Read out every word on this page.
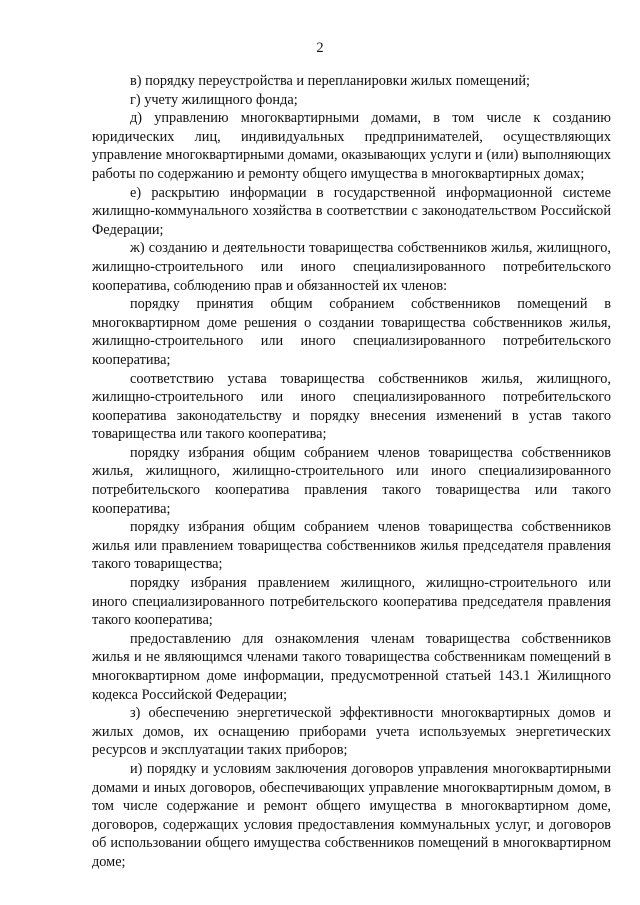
2

в) порядку переустройства и перепланировки жилых помещений;

г) учету жилищного фонда;

д) управлению многоквартирными домами, в том числе к созданию юридических лиц, индивидуальных предпринимателей, осуществляющих управление многоквартирными домами, оказывающих услуги и (или) выполняющих работы по содержанию и ремонту общего имущества в многоквартирных домах;

е) раскрытию информации в государственной информационной системе жилищно-коммунального хозяйства в соответствии с законодательством Российской Федерации;

ж) созданию и деятельности товарищества собственников жилья, жилищного, жилищно-строительного или иного специализированного потребительского кооператива, соблюдению прав и обязанностей их членов:

порядку принятия общим собранием собственников помещений в многоквартирном доме решения о создании товарищества собственников жилья, жилищно-строительного или иного специализированного потребительского кооператива;

соответствию устава товарищества собственников жилья, жилищного, жилищно-строительного или иного специализированного потребительского кооператива законодательству и порядку внесения изменений в устав такого товарищества или такого кооператива;

порядку избрания общим собранием членов товарищества собственников жилья, жилищного, жилищно-строительного или иного специализированного потребительского кооператива правления такого товарищества или такого кооператива;

порядку избрания общим собранием членов товарищества собственников жилья или правлением товарищества собственников жилья председателя правления такого товарищества;

порядку избрания правлением жилищного, жилищно-строительного или иного специализированного потребительского кооператива председателя правления такого кооператива;

предоставлению для ознакомления членам товарищества собственников жилья и не являющимся членами такого товарищества собственникам помещений в многоквартирном доме информации, предусмотренной статьей 143.1 Жилищного кодекса Российской Федерации;

з) обеспечению энергетической эффективности многоквартирных домов и жилых домов, их оснащению приборами учета используемых энергетических ресурсов и эксплуатации таких приборов;

и) порядку и условиям заключения договоров управления многоквартирными домами и иных договоров, обеспечивающих управление многоквартирным домом, в том числе содержание и ремонт общего имущества в многоквартирном доме, договоров, содержащих условия предоставления коммунальных услуг, и договоров об использовании общего имущества собственников помещений в многоквартирном доме;
